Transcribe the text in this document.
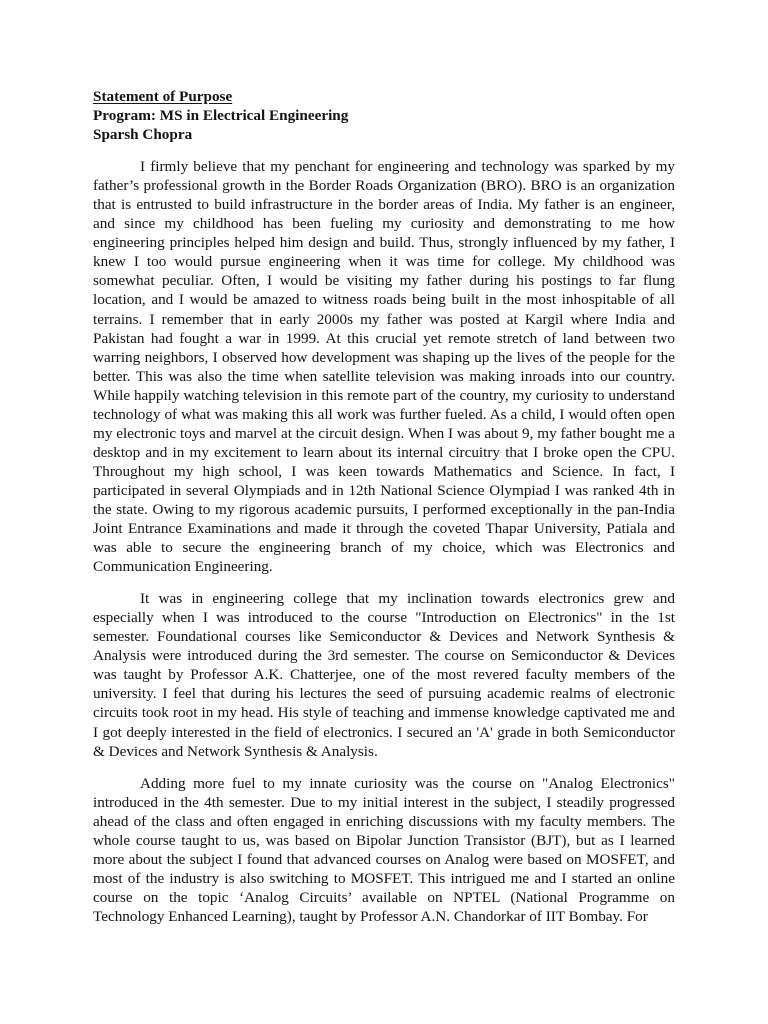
Statement of Purpose

Program: MS in Electrical Engineering

Sparsh Chopra

I firmly believe that my penchant for engineering and technology was sparked by my father’s professional growth in the Border Roads Organization (BRO). BRO is an organization that is entrusted to build infrastructure in the border areas of India. My father is an engineer, and since my childhood has been fueling my curiosity and demonstrating to me how engineering principles helped him design and build. Thus, strongly influenced by my father, I knew I too would pursue engineering when it was time for college. My childhood was somewhat peculiar. Often, I would be visiting my father during his postings to far flung location, and I would be amazed to witness roads being built in the most inhospitable of all terrains. I remember that in early 2000s my father was posted at Kargil where India and Pakistan had fought a war in 1999. At this crucial yet remote stretch of land between two warring neighbors, I observed how development was shaping up the lives of the people for the better. This was also the time when satellite television was making inroads into our country. While happily watching television in this remote part of the country, my curiosity to understand technology of what was making this all work was further fueled. As a child, I would often open my electronic toys and marvel at the circuit design. When I was about 9, my father bought me a desktop and in my excitement to learn about its internal circuitry that I broke open the CPU. Throughout my high school, I was keen towards Mathematics and Science. In fact, I participated in several Olympiads and in 12th National Science Olympiad I was ranked 4th in the state. Owing to my rigorous academic pursuits, I performed exceptionally in the pan-India Joint Entrance Examinations and made it through the coveted Thapar University, Patiala and was able to secure the engineering branch of my choice, which was Electronics and Communication Engineering.

It was in engineering college that my inclination towards electronics grew and especially when I was introduced to the course "Introduction on Electronics" in the 1st semester. Foundational courses like Semiconductor & Devices and Network Synthesis & Analysis were introduced during the 3rd semester. The course on Semiconductor & Devices was taught by Professor A.K. Chatterjee, one of the most revered faculty members of the university. I feel that during his lectures the seed of pursuing academic realms of electronic circuits took root in my head. His style of teaching and immense knowledge captivated me and I got deeply interested in the field of electronics. I secured an 'A' grade in both Semiconductor & Devices and Network Synthesis & Analysis.

Adding more fuel to my innate curiosity was the course on "Analog Electronics" introduced in the 4th semester. Due to my initial interest in the subject, I steadily progressed ahead of the class and often engaged in enriching discussions with my faculty members. The whole course taught to us, was based on Bipolar Junction Transistor (BJT), but as I learned more about the subject I found that advanced courses on Analog were based on MOSFET, and most of the industry is also switching to MOSFET. This intrigued me and I started an online course on the topic ‘Analog Circuits’ available on NPTEL (National Programme on Technology Enhanced Learning), taught by Professor A.N. Chandorkar of IIT Bombay. For
